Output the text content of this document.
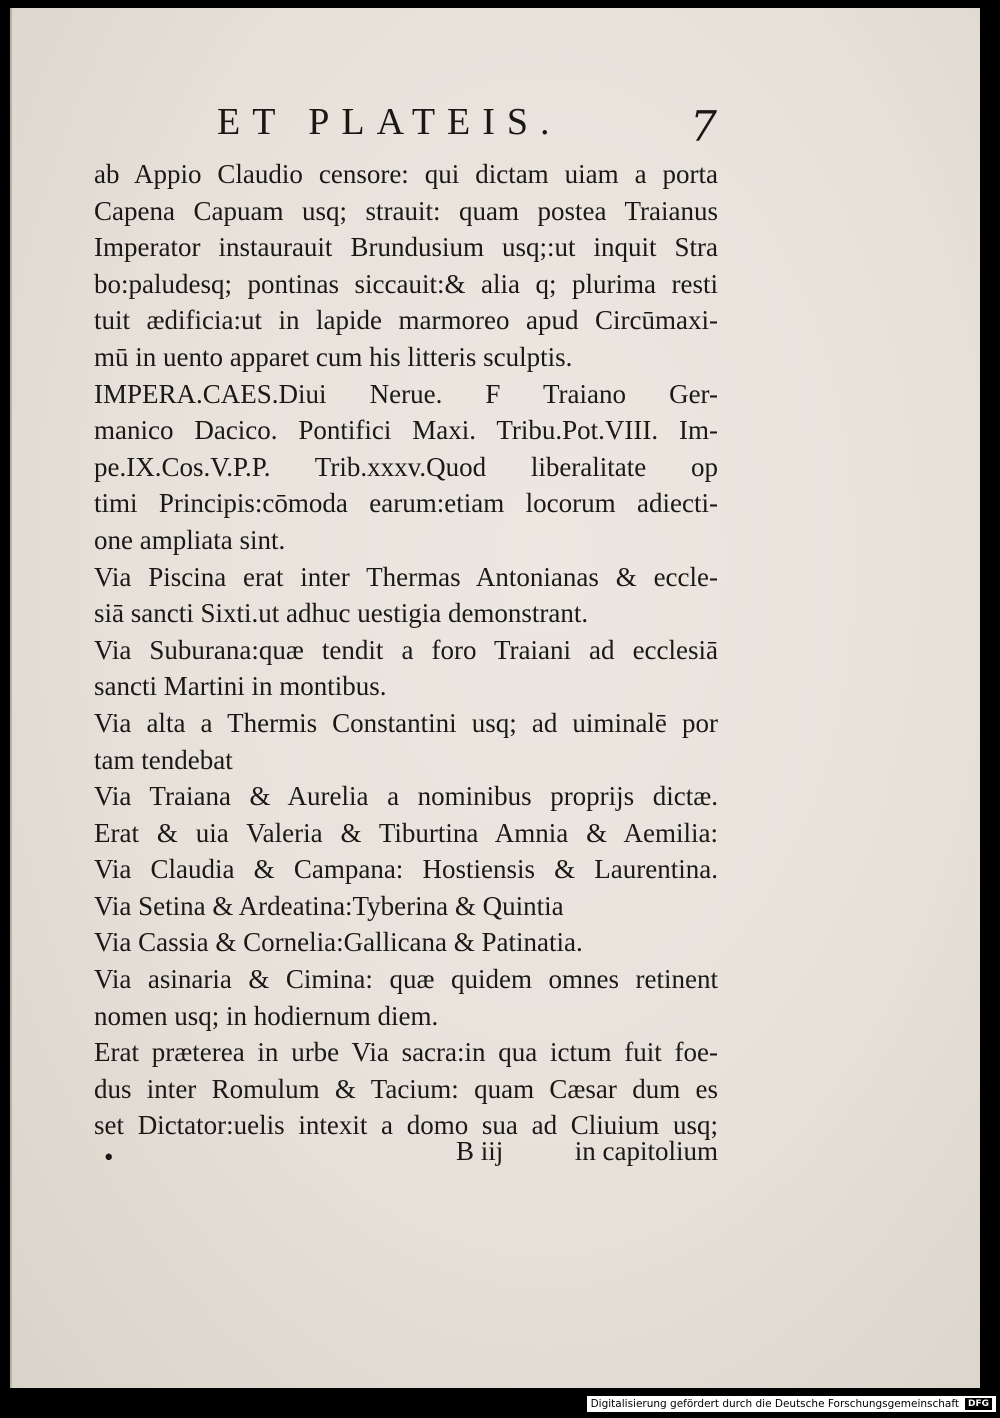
ET PLATEIS.	7
ab Appio Claudio censore: qui dictam uiam a porta
Capena Capuam usq; strauit: quam postea Traianus
Imperator instaurauit Brundusium usq;:ut inquit Stra
bo:paludesq; pontinas siccauit:& alia q; plurima resti
tuit ædificia:ut in lapide marmoreo apud Circūmaxi-
mū in uento apparet cum his litteris sculptis.
IMPERA.CAES.Diui Nerue. F Traiano Ger-
manico Dacico. Pontifici Maxi. Tribu.Pot.VIII. Im-
pe.IX.Cos.V.P.P. Trib.xxxv.Quod liberalitate op
timi Principis:cōmoda earum:etiam locorum adiecti-
one ampliata sint.
Via Piscina erat inter Thermas Antonianas & eccle-
siā sancti Sixti.ut adhuc uestigia demonstrant.
Via Suburana:quæ tendit a foro Traiani ad ecclesiā
sancti Martini in montibus.
Via alta a Thermis Constantini usq; ad uiminalē por
tam tendebat
Via Traiana & Aurelia a nominibus proprijs dictæ.
Erat & uia Valeria & Tiburtina Amnia & Aemilia:
Via Claudia & Campana: Hostiensis & Laurentina.
Via Setina & Ardeatina:Tyberina & Quintia
Via Cassia & Cornelia:Gallicana & Patinatia.
Via asinaria & Cimina: quæ quidem omnes retinent
nomen usq; in hodiernum diem.
Erat præterea in urbe Via sacra:in qua ictum fuit foe-
dus inter Romulum & Tacium: quam Cæsar dum es
set Dictator:uelis intexit a domo sua ad Cliuium usq;
•	B iij	in capitolium
Digitalisierung gefördert durch die Deutsche Forschungsgemeinschaft	DFG
